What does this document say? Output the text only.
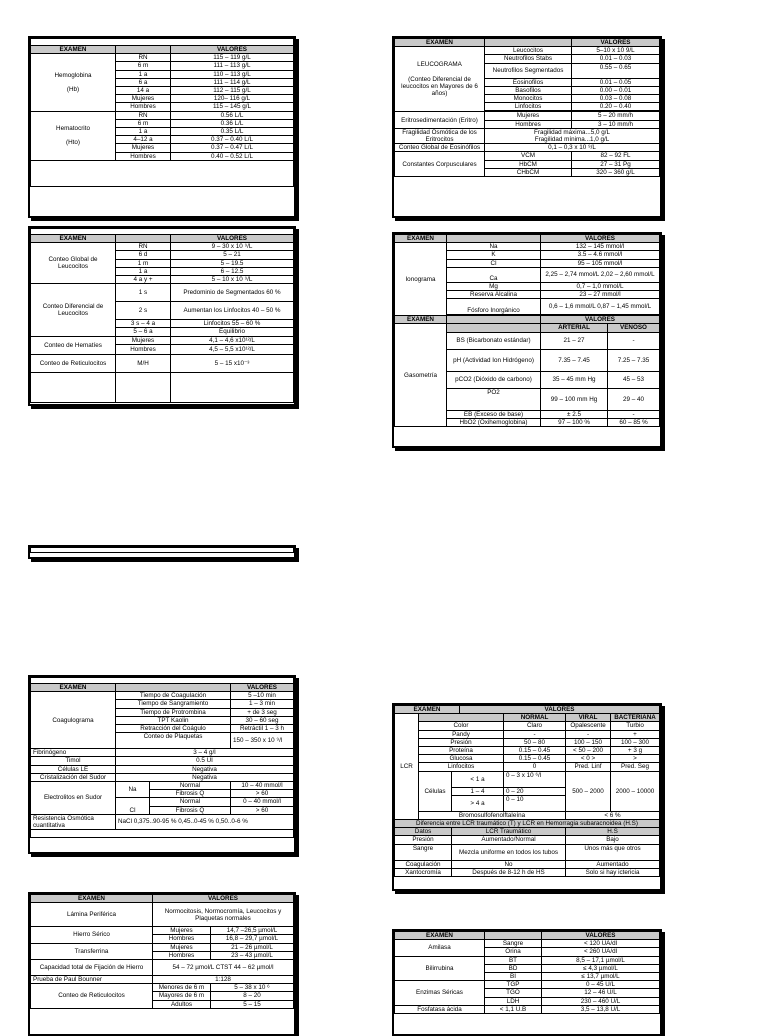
EXAMEN		VALORES
Hemoglobina

(Hb)	RN	115 – 119 g/L
	6 m	111 – 113 g/L
	1 a	110 – 113 g/L
	6 a	111 – 114 g/L
	14 a	112 – 115 g/L
	Mujeres	120– 116 g/L
	Hombres	115 – 145 g/L
Hematocrito

(Hto)	RN	0.56 L/L
	6 m	0.36 L/L
	1 a	0.35 L/L
	4–12 a	0.37 – 0.40 L/L
	Mujeres	0.37 – 0.47 L/L
	Hombres	0.40 – 0.52 L/L

EXAMEN		VALORES
Conteo Global de Leucocitos	RN	9 – 30 x 10 ⁹/L
	6 d	5 – 21
	1 m	5 – 19.5
	1 a	6 – 12.5
	4 a y +	5 – 10 x 10 ⁹/L
Conteo Diferencial de Leucocitos	1 s	Predominio de Segmentados 60 %
	2 s	Aumentan los Linfocitos 40 – 50 %
	3 s – 4 a	Linfocitos 55 – 60 %
	5 – 6 a	Equilibrio
Conteo de Hematíes	Mujeres	4,1 – 4,6 x10¹²/L
	Hombres	4,5 – 5,5 x10¹²/L
Conteo de Reticulocitos	M/H	5 – 15 x10⁻³

EXAMEN		VALORES
LEUCOGRAMA

(Conteo Diferencial de leucocitos en Mayores de 6 años)	Leucocitos	5–10 x 10 9/L
	Neutrofilos Stabs	0.01 – 0.03
	Neutrofilos Segmentados	0.55 – 0.65
	Eosinofilos	0.01 – 0.05
	Basofilos	0.00 – 0.01
	Monocitos	0.03 – 0.08
	Linfocitos	0.20 – 0.40

Eritrosedimentación (Eritro)	Mujeres	5 – 20 mm/h
	Hombres	3 – 10 mm/h
Fragilidad Osmótica de los Eritrocitos	Fragilidad máxima...5,0 g/L
Fragilidad mínima...1,0 g/L	
Conteo Global de Eosinófilos	0,1 – 0,3 x 10 ⁹/L	
Constantes Corpusculares	VCM	82 – 92 FL
	HbCM	27 – 31 Pg
	CHbCM	320 – 360 g/L
EXAMEN		VALORES	
Ionograma	Na	132 – 145 mmol/l	
	K	3.5 – 4.6 mmol/l	
	Cl	95 – 105 mmol/l	
	Ca	2,25 – 2,74 mmol/L 2,02 – 2,60 mmol/L	
	Mg	0,7 – 1,0 mmol/L	
	Reserva Alcalina	23 – 27 mmol/l	
	Fósforo Inorgánico	0,6 – 1,6 mmol/L 0,87 – 1,45 mmol/L	

EXAMEN		VALORES	
Gasometría		ARTERIAL	VENOSO
	BS (Bicarbonato estándar)	21 – 27	-
	pH (Actividad Ion Hidrógeno)	7.35 – 7.45	7.25 – 7.35
	pCO2 (Dióxido de carbono)	35 – 45 mm Hg	45 – 53
	PO2	99 – 100 mm Hg	29 – 40
	EB (Exceso de base)	± 2.5	-
	HbO2 (Oxihemoglobina)	97 – 100 %	60 – 85 %

EXAMEN			VALORES
Coagulograma	Tiempo de Coagulación		5 –10 min
	Tiempo de Sangramiento		1 – 3 min
	Tiempo de Protrombina		+ de 3 seg
	TPT Kaolin		30 – 60 seg
	Retracción del Coágulo		Retráctil 1 – 3 h
	Conteo de Plaquetas		150 – 350 x 10 ⁹/l
Fibrinógeno	3 – 4 g/l		
Timol	0.5 UI		
Células LE	Negativa		
Cristalización del Sudor	Negativa		
Electrolitos en Sudor	Na	Normal	10 – 40 mmol/l
		Fibrosis Q	> 60
	Cl	Normal	0 – 40 mmol/l
		Fibrosis Q	> 60
Resistencia Osmótica cuantitativa	NaCl 0,375..90-95 % 0,45..0-45 % 0,50..0-6 %		

EXAMEN	VALORES	
Lámina Periférica	Normocitosis, Normocromía, Leucocitos y Plaquetas normales	
Hierro Sérico	Mujeres	14,7 –26,5 µmol/L
	Hombres	16,8 – 29,7 µmol/L
Transferrina	Mujeres	21 – 26 µmol/L
	Hombres	23 – 43 µmol/L
Capacidad total de Fijación de Hierro	54 – 72 µmol/L CTST 44 – 62 µmol/l	
Prueba de Paul Bounner	1:128	
Conteo de Reticulocitos	Menores de 6 m	5 – 38 x 10 ⁶
	Mayores de 6 m	8 – 20
	Adultos	5 – 15
EXAMEN			VALORES			
LCR				NORMAL	VIRAL	BACTERIANA
	Color			Claro	Opalescente	Turbio
	Pandy			-	-	+
	Presión			50 – 80	100 – 150	100 – 300
	Proteína			0.15 – 0.45	< 50 – 200	+ 3 g
	Glucosa			0.15 – 0.45	< 0 >	>
	Linfocitos			0	Pred. Linf	Pred. Seg
	Células	< 1 a		0 – 3 x 10 ⁶/l	500 – 2000	2000 – 10000
		1 – 4		0 – 20		
		> 4 a		0 – 10		
	Bromosulfofenolftaleína				< 6 %	
Diferencia entre LCR traumático (T) y LCR en Hemorragia subaracnoidea (H.S)						
Datos		LCR Traumático			H.S	
Presión		Aumentado/Normal			Bajo	
Sangre		Mezcla uniforme en todos los tubos			Unos más que otros	
Coagulación		No			Aumentado	
Xantocromía		Después de 8-12 h de HS			Solo si hay ictericia	
EXAMEN		VALORES
Amilasa	Sangre	< 120 UA/dl
	Orina	< 260 UA/dl
Bilirrubina	BT	8,5 – 17,1 µmol/L
	BD	≤ 4,3 µmol/L
	BI	≤ 13,7 µmol/L
Enzimas Séricas	TGP	0 – 45 U/L
	TGO	12 – 46 U/L
	LDH	230 – 460 U/L
Fosfatasa ácida	< 1,1 U.B	3,5 – 13,8 U/L
